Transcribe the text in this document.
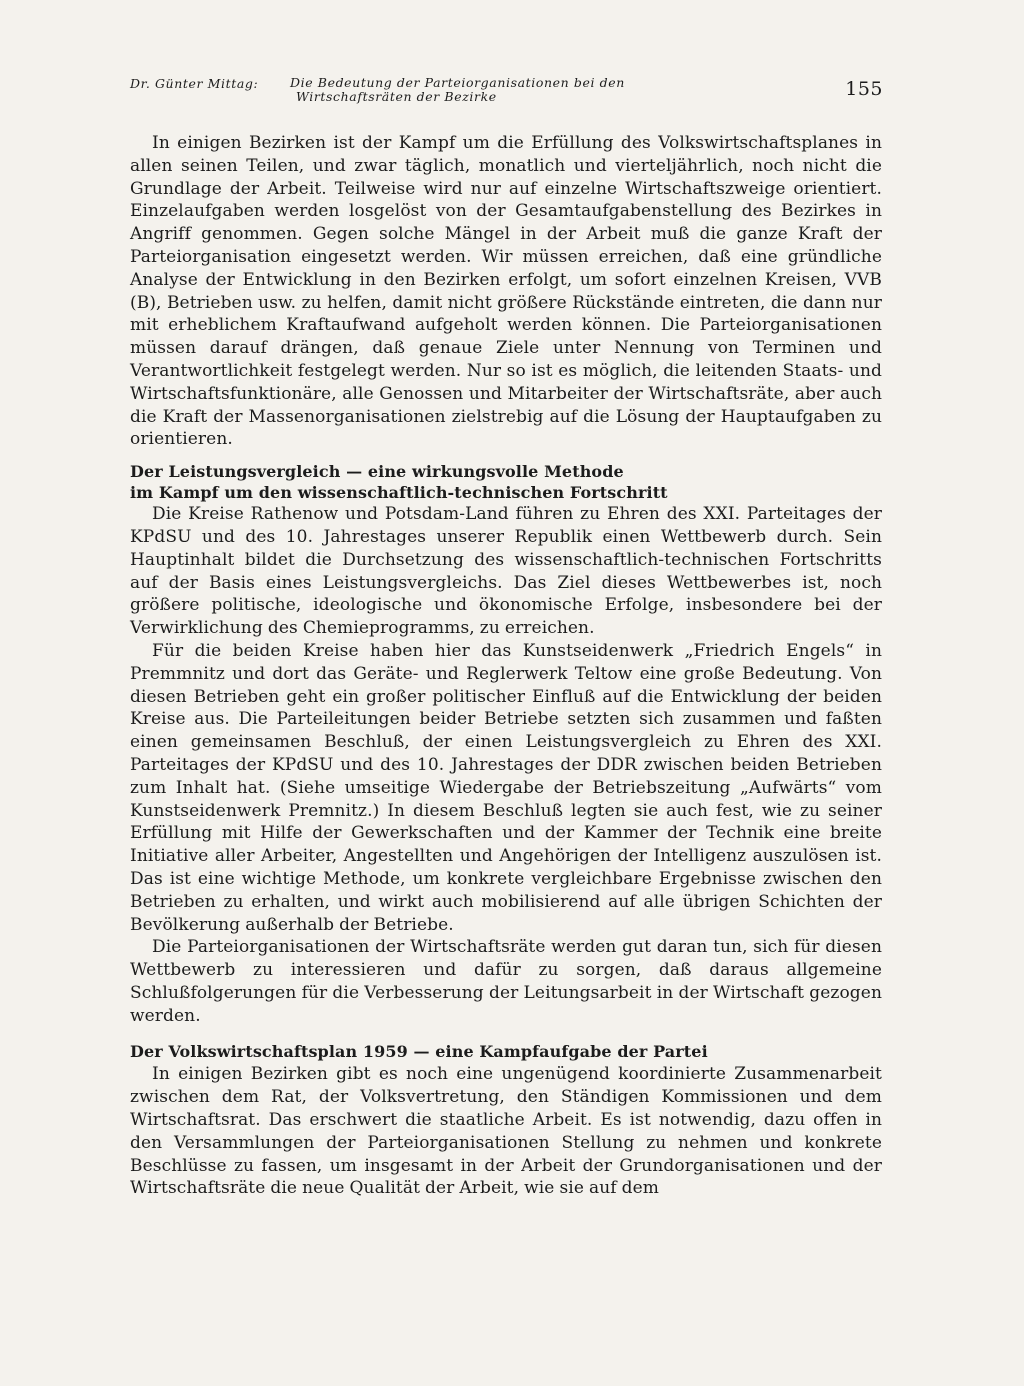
Dr. Günter Mittag:	Die Bedeutung der Parteiorganisationen bei den
Wirtschaftsräten der Bezirke	155

In einigen Bezirken ist der Kampf um die Erfüllung des Volkswirtschaftsplanes in allen seinen Teilen, und zwar täglich, monatlich und vierteljährlich, noch nicht die Grundlage der Arbeit. Teilweise wird nur auf einzelne Wirtschaftszweige orientiert. Einzelaufgaben werden losgelöst von der Gesamtaufgabenstellung des Bezirkes in Angriff genommen. Gegen solche Mängel in der Arbeit muß die ganze Kraft der Parteiorganisation eingesetzt werden. Wir müssen erreichen, daß eine gründliche Analyse der Entwicklung in den Bezirken erfolgt, um sofort einzelnen Kreisen, VVB (B), Betrieben usw. zu helfen, damit nicht größere Rückstände eintreten, die dann nur mit erheblichem Kraftaufwand aufgeholt werden können. Die Parteiorganisationen müssen darauf drängen, daß genaue Ziele unter Nennung von Terminen und Verantwortlichkeit festgelegt werden. Nur so ist es möglich, die leitenden Staats- und Wirtschaftsfunktionäre, alle Genossen und Mitarbeiter der Wirtschaftsräte, aber auch die Kraft der Massenorganisationen zielstrebig auf die Lösung der Hauptaufgaben zu orientieren.

Der Leistungsvergleich — eine wirkungsvolle Methode
im Kampf um den wissenschaftlich-technischen Fortschritt

Die Kreise Rathenow und Potsdam-Land führen zu Ehren des XXI. Parteitages der KPdSU und des 10. Jahrestages unserer Republik einen Wettbewerb durch. Sein Hauptinhalt bildet die Durchsetzung des wissenschaftlich-technischen Fortschritts auf der Basis eines Leistungsvergleichs. Das Ziel dieses Wettbewerbes ist, noch größere politische, ideologische und ökonomische Erfolge, insbesondere bei der Verwirklichung des Chemieprogramms, zu erreichen.

Für die beiden Kreise haben hier das Kunstseidenwerk „Friedrich Engels“ in Premmnitz und dort das Geräte- und Reglerwerk Teltow eine große Bedeutung. Von diesen Betrieben geht ein großer politischer Einfluß auf die Entwicklung der beiden Kreise aus. Die Parteileitungen beider Betriebe setzten sich zusammen und faßten einen gemeinsamen Beschluß, der einen Leistungsvergleich zu Ehren des XXI. Parteitages der KPdSU und des 10. Jahrestages der DDR zwischen beiden Betrieben zum Inhalt hat. (Siehe umseitige Wiedergabe der Betriebszeitung „Aufwärts“ vom Kunstseidenwerk Premnitz.) In diesem Beschluß legten sie auch fest, wie zu seiner Erfüllung mit Hilfe der Gewerkschaften und der Kammer der Technik eine breite Initiative aller Arbeiter, Angestellten und Angehörigen der Intelligenz auszulösen ist. Das ist eine wichtige Methode, um konkrete vergleichbare Ergebnisse zwischen den Betrieben zu erhalten, und wirkt auch mobilisierend auf alle übrigen Schichten der Bevölkerung außerhalb der Betriebe.

Die Parteiorganisationen der Wirtschaftsräte werden gut daran tun, sich für diesen Wettbewerb zu interessieren und dafür zu sorgen, daß daraus allgemeine Schlußfolgerungen für die Verbesserung der Leitungsarbeit in der Wirtschaft gezogen werden.

Der Volkswirtschaftsplan 1959 — eine Kampfaufgabe der Partei

In einigen Bezirken gibt es noch eine ungenügend koordinierte Zusammenarbeit zwischen dem Rat, der Volksvertretung, den Ständigen Kommissionen und dem Wirtschaftsrat. Das erschwert die staatliche Arbeit. Es ist notwendig, dazu offen in den Versammlungen der Parteiorganisationen Stellung zu nehmen und konkrete Beschlüsse zu fassen, um insgesamt in der Arbeit der Grundorganisationen und der Wirtschaftsräte die neue Qualität der Arbeit, wie sie auf dem
